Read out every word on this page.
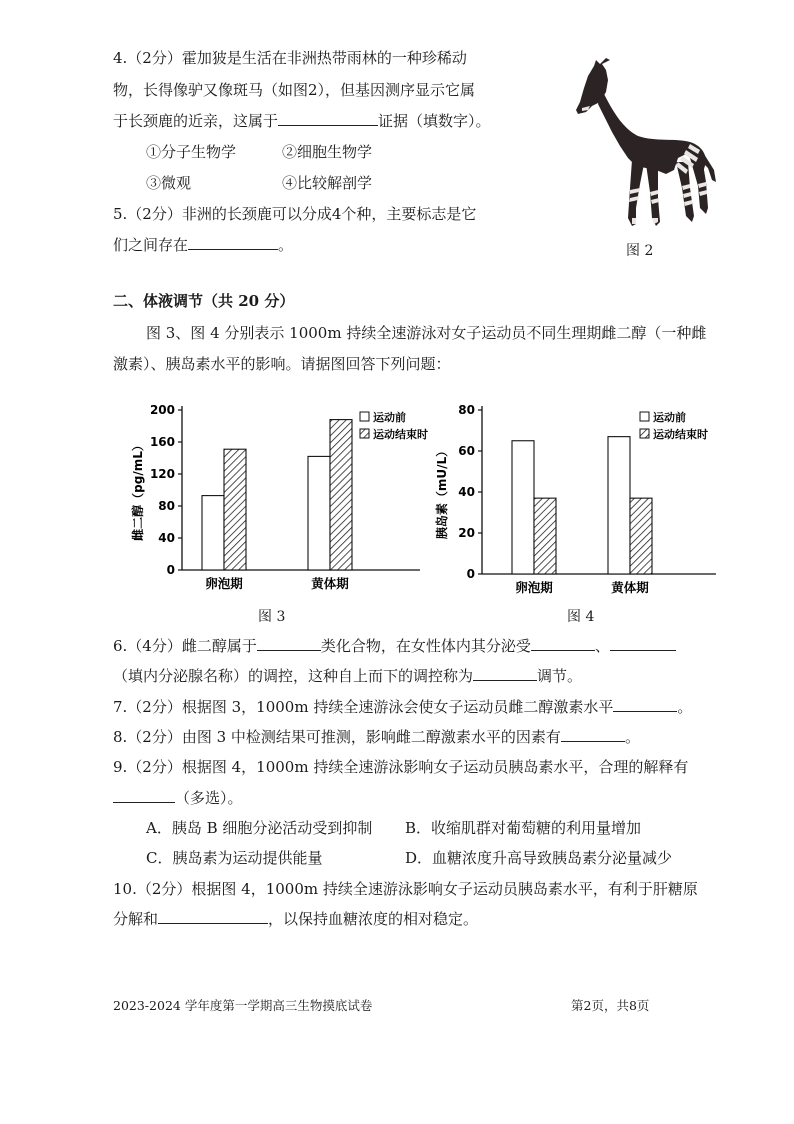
4.（2分）霍加狓是生活在非洲热带雨林的一种珍稀动
物，长得像驴又像斑马（如图2），但基因测序显示它属
于长颈鹿的近亲，这属于	证据（填数字）。
①分子生物学	②细胞生物学
③微观	④比较解剖学
5.（2分）非洲的长颈鹿可以分成4个种，主要标志是它
们之间存在	。	图 2
二、体液调节（共 20 分）
图 3、图 4 分别表示 1000m 持续全速游泳对女子运动员不同生理期雌二醇（一种雌
激素）、胰岛素水平的影响。请据图回答下列问题：
0
40
80
120
160
200
雌二醇（pg/mL）
卵泡期	黄体期
运动前
运动结束时
图 3
0
20
40
60
80
胰岛素（mU/L）
卵泡期	黄体期
运动前
运动结束时
图 4
6.（4分）雌二醇属于	类化合物，在女性体内其分泌受	、
（填内分泌腺名称）的调控，这种自上而下的调控称为	调节。
7.（2分）根据图 3，1000m 持续全速游泳会使女子运动员雌二醇激素水平	。
8.（2分）由图 3 中检测结果可推测，影响雌二醇激素水平的因素有	。
9.（2分）根据图 4，1000m 持续全速游泳影响女子运动员胰岛素水平，合理的解释有
（多选）。
A．胰岛 B 细胞分泌活动受到抑制 B．收缩肌群对葡萄糖的利用量增加
C．胰岛素为运动提供能量	D．血糖浓度升高导致胰岛素分泌量减少
10.（2分）根据图 4，1000m 持续全速游泳影响女子运动员胰岛素水平，有利于肝糖原
分解和	，以保持血糖浓度的相对稳定。
2023-2024 学年度第一学期高三生物摸底试卷	第2页，共8页
